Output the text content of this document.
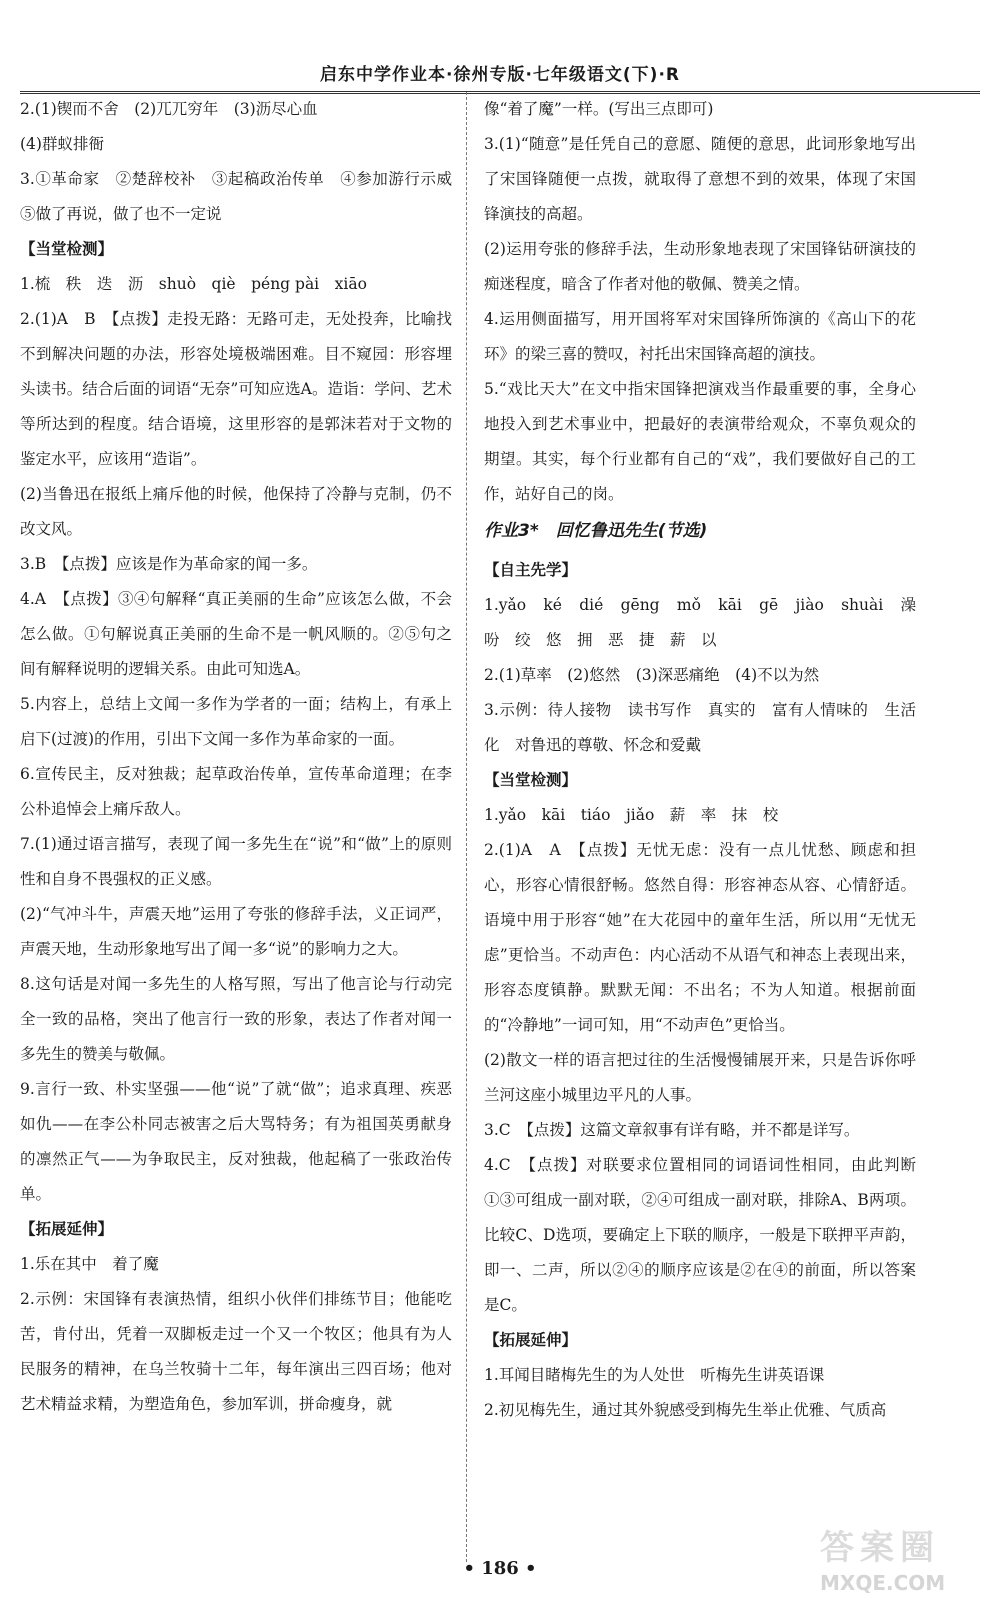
启东中学作业本·徐州专版·七年级语文(下)·R

2.(1)锲而不舍　(2)兀兀穷年　(3)沥尽心血

(4)群蚁排衙

3.①革命家　②楚辞校补　③起稿政治传单　④参加游行示威　⑤做了再说，做了也不一定说

【当堂检测】

1.梳　秩　迭　沥　shuò　qiè　péng pài　xiāo

2.(1)A　B　【点拨】走投无路：无路可走，无处投奔，比喻找不到解决问题的办法，形容处境极端困难。目不窥园：形容埋头读书。结合后面的词语“无奈”可知应选A。造诣：学问、艺术等所达到的程度。结合语境，这里形容的是郭沫若对于文物的鉴定水平，应该用“造诣”。

(2)当鲁迅在报纸上痛斥他的时候，他保持了冷静与克制，仍不改文风。

3.B　【点拨】应该是作为革命家的闻一多。

4.A　【点拨】③④句解释“真正美丽的生命”应该怎么做，不会怎么做。①句解说真正美丽的生命不是一帆风顺的。②⑤句之间有解释说明的逻辑关系。由此可知选A。

5.内容上，总结上文闻一多作为学者的一面；结构上，有承上启下(过渡)的作用，引出下文闻一多作为革命家的一面。

6.宣传民主，反对独裁；起草政治传单，宣传革命道理；在李公朴追悼会上痛斥敌人。

7.(1)通过语言描写，表现了闻一多先生在“说”和“做”上的原则性和自身不畏强权的正义感。

(2)“气冲斗牛，声震天地”运用了夸张的修辞手法，义正词严，声震天地，生动形象地写出了闻一多“说”的影响力之大。

8.这句话是对闻一多先生的人格写照，写出了他言论与行动完全一致的品格，突出了他言行一致的形象，表达了作者对闻一多先生的赞美与敬佩。

9.言行一致、朴实坚强——他“说”了就“做”；追求真理、疾恶如仇——在李公朴同志被害之后大骂特务；有为祖国英勇献身的凛然正气——为争取民主，反对独裁，他起稿了一张政治传单。

【拓展延伸】

1.乐在其中　着了魔

2.示例：宋国锋有表演热情，组织小伙伴们排练节目；他能吃苦，肯付出，凭着一双脚板走过一个又一个牧区；他具有为人民服务的精神，在乌兰牧骑十二年，每年演出三四百场；他对艺术精益求精，为塑造角色，参加军训，拼命瘦身，就

像“着了魔”一样。(写出三点即可)

3.(1)“随意”是任凭自己的意愿、随便的意思，此词形象地写出了宋国锋随便一点拨，就取得了意想不到的效果，体现了宋国锋演技的高超。

(2)运用夸张的修辞手法，生动形象地表现了宋国锋钻研演技的痴迷程度，暗含了作者对他的敬佩、赞美之情。

4.运用侧面描写，用开国将军对宋国锋所饰演的《高山下的花环》的梁三喜的赞叹，衬托出宋国锋高超的演技。

5.“戏比天大”在文中指宋国锋把演戏当作最重要的事，全身心地投入到艺术事业中，把最好的表演带给观众，不辜负观众的期望。其实，每个行业都有自己的“戏”，我们要做好自己的工作，站好自己的岗。

作业3*　回忆鲁迅先生(节选)

【自主先学】

1.yǎo　ké　dié　gēng　mǒ　kāi　gē　jiào　shuài　澡　吩　绞　悠　拥　恶　捷　薪　以

2.(1)草率　(2)悠然　(3)深恶痛绝　(4)不以为然

3.示例：待人接物　读书写作　真实的　富有人情味的　生活化　对鲁迅的尊敬、怀念和爱戴

【当堂检测】

1.yǎo　kāi　tiáo　jiǎo　薪　率　抹　校

2.(1)A　A　【点拨】无忧无虑：没有一点儿忧愁、顾虑和担心，形容心情很舒畅。悠然自得：形容神态从容、心情舒适。语境中用于形容“她”在大花园中的童年生活，所以用“无忧无虑”更恰当。不动声色：内心活动不从语气和神态上表现出来，形容态度镇静。默默无闻：不出名；不为人知道。根据前面的“冷静地”一词可知，用“不动声色”更恰当。

(2)散文一样的语言把过往的生活慢慢铺展开来，只是告诉你呼兰河这座小城里边平凡的人事。

3.C　【点拨】这篇文章叙事有详有略，并不都是详写。

4.C　【点拨】对联要求位置相同的词语词性相同，由此判断①③可组成一副对联，②④可组成一副对联，排除A、B两项。比较C、D选项，要确定上下联的顺序，一般是下联押平声韵，即一、二声，所以②④的顺序应该是②在④的前面，所以答案是C。

【拓展延伸】

1.耳闻目睹梅先生的为人处世　听梅先生讲英语课

2.初见梅先生，通过其外貌感受到梅先生举止优雅、气质高

• 186 •
答案圈
MXQE.COM
